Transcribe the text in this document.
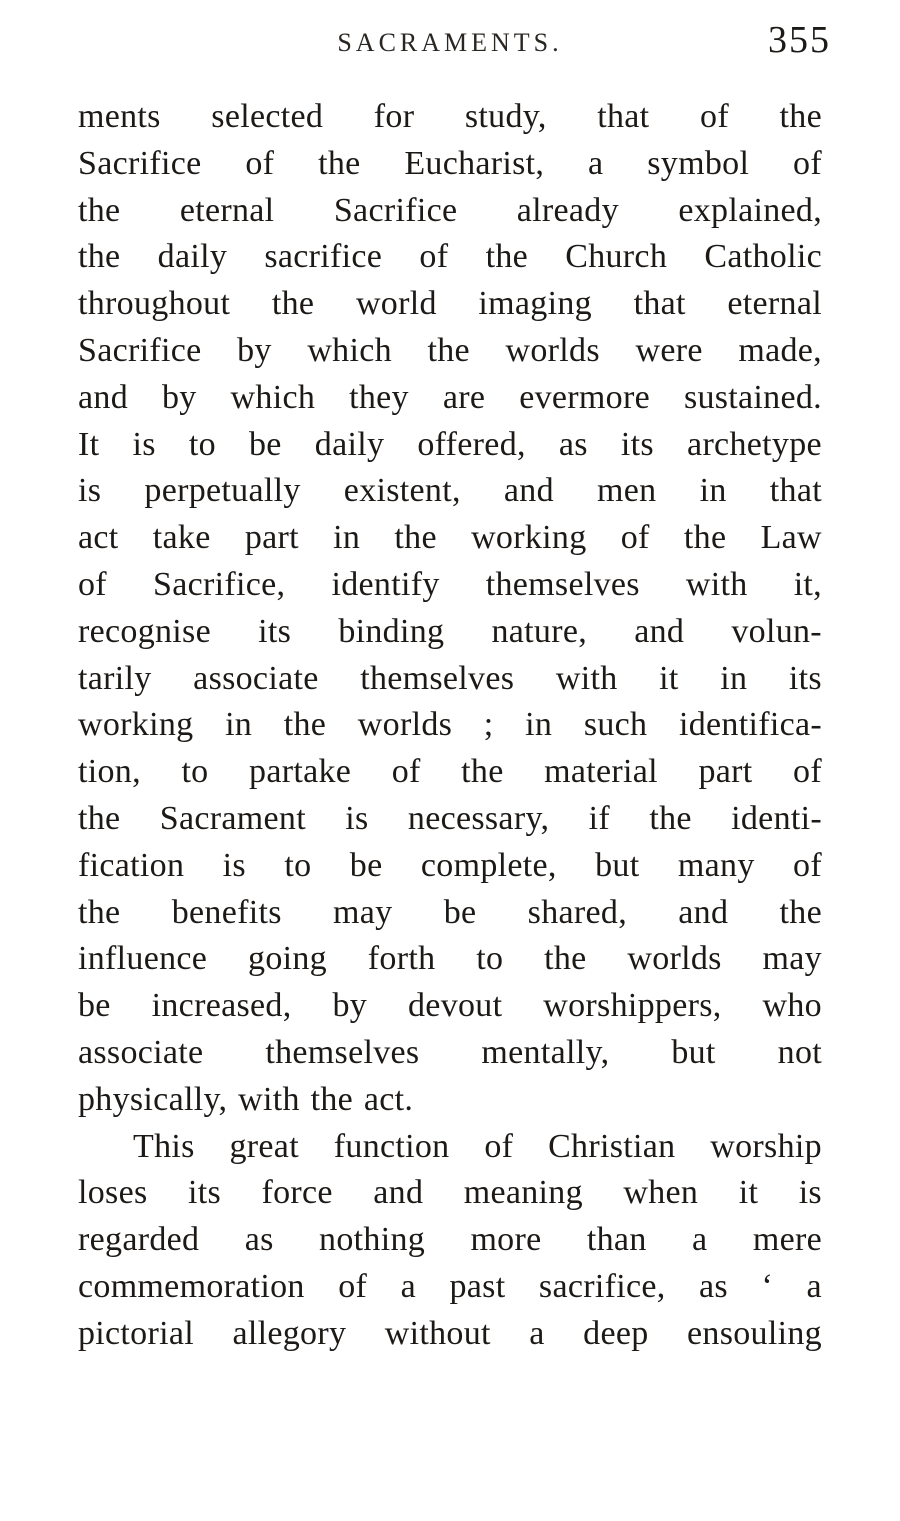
SACRAMENTS.	355
ments selected for study, that of the
Sacrifice of the Eucharist, a symbol of
the eternal Sacrifice already explained,
the daily sacrifice of the Church Catholic
throughout the world imaging that eternal
Sacrifice by which the worlds were made,
and by which they are evermore sustained.
It is to be daily offered, as its archetype
is perpetually existent, and men in that
act take part in the working of the Law
of Sacrifice, identify themselves with it,
recognise its binding nature, and volun-
tarily associate themselves with it in its
working in the worlds ; in such identifica-
tion, to partake of the material part of
the Sacrament is necessary, if the identi-
fication is to be complete, but many of
the benefits may be shared, and the
influence going forth to the worlds may
be increased, by devout worshippers, who
associate themselves mentally, but not
physically, with the act.
This great function of Christian worship
loses its force and meaning when it is
regarded as nothing more than a mere
commemoration of a past sacrifice, as ‘ a
pictorial allegory without a deep ensouling
